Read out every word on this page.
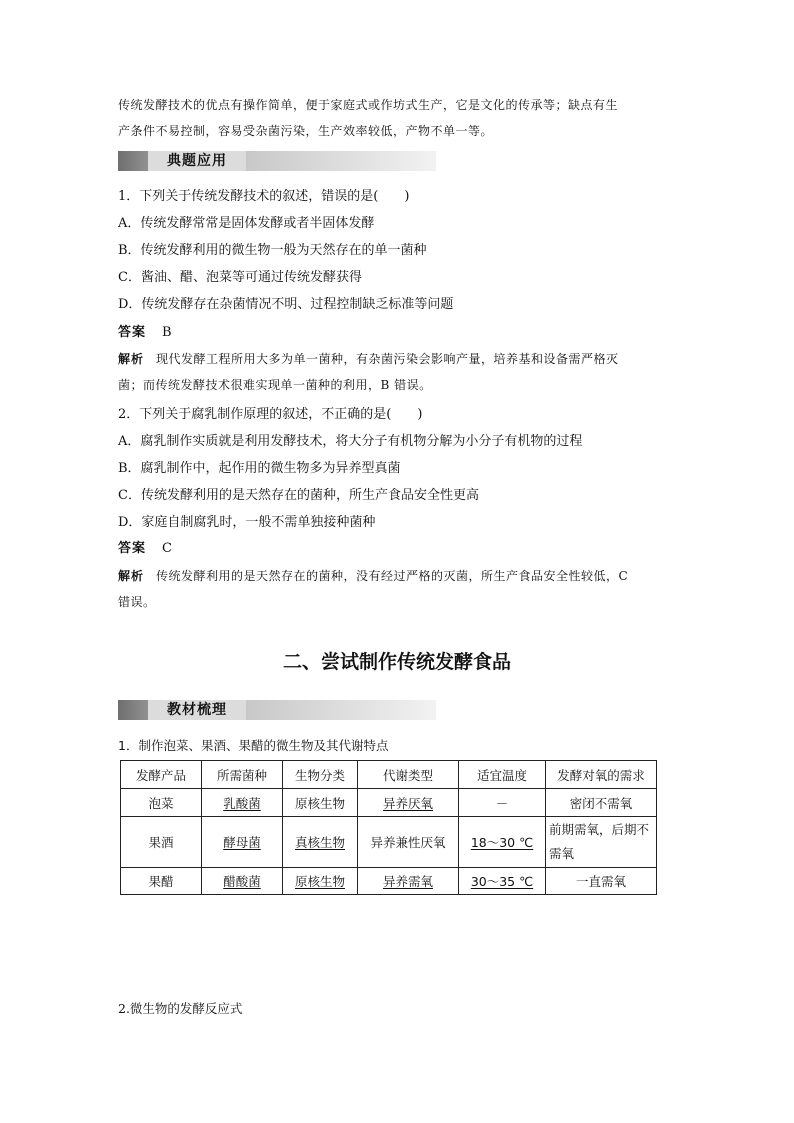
传统发酵技术的优点有操作简单，便于家庭式或作坊式生产，它是文化的传承等；缺点有生
产条件不易控制，容易受杂菌污染，生产效率较低，产物不单一等。
典题应用
1．下列关于传统发酵技术的叙述，错误的是(　　)
A．传统发酵常常是固体发酵或者半固体发酵
B．传统发酵利用的微生物一般为天然存在的单一菌种
C．酱油、醋、泡菜等可通过传统发酵获得
D．传统发酵存在杂菌情况不明、过程控制缺乏标准等问题
答案 B
解析 现代发酵工程所用大多为单一菌种，有杂菌污染会影响产量，培养基和设备需严格灭
菌；而传统发酵技术很难实现单一菌种的利用，B 错误。
2．下列关于腐乳制作原理的叙述，不正确的是(　　)
A．腐乳制作实质就是利用发酵技术，将大分子有机物分解为小分子有机物的过程
B．腐乳制作中，起作用的微生物多为异养型真菌
C．传统发酵利用的是天然存在的菌种，所生产食品安全性更高
D．家庭自制腐乳时，一般不需单独接种菌种
答案 C
解析 传统发酵利用的是天然存在的菌种，没有经过严格的灭菌，所生产食品安全性较低，C
错误。
二、尝试制作传统发酵食品
教材梳理
1．制作泡菜、果酒、果醋的微生物及其代谢特点
发酵产品	所需菌种	生物分类	代谢类型	适宜温度	发酵对氧的需求
泡菜	乳酸菌	原核生物	异养厌氧	－	密闭不需氧
果酒	酵母菌	真核生物	异养兼性厌氧	18～30 ℃	前期需氧，后期不需氧
果醋	醋酸菌	原核生物	异养需氧	30～35 ℃	一直需氧
2.微生物的发酵反应式
